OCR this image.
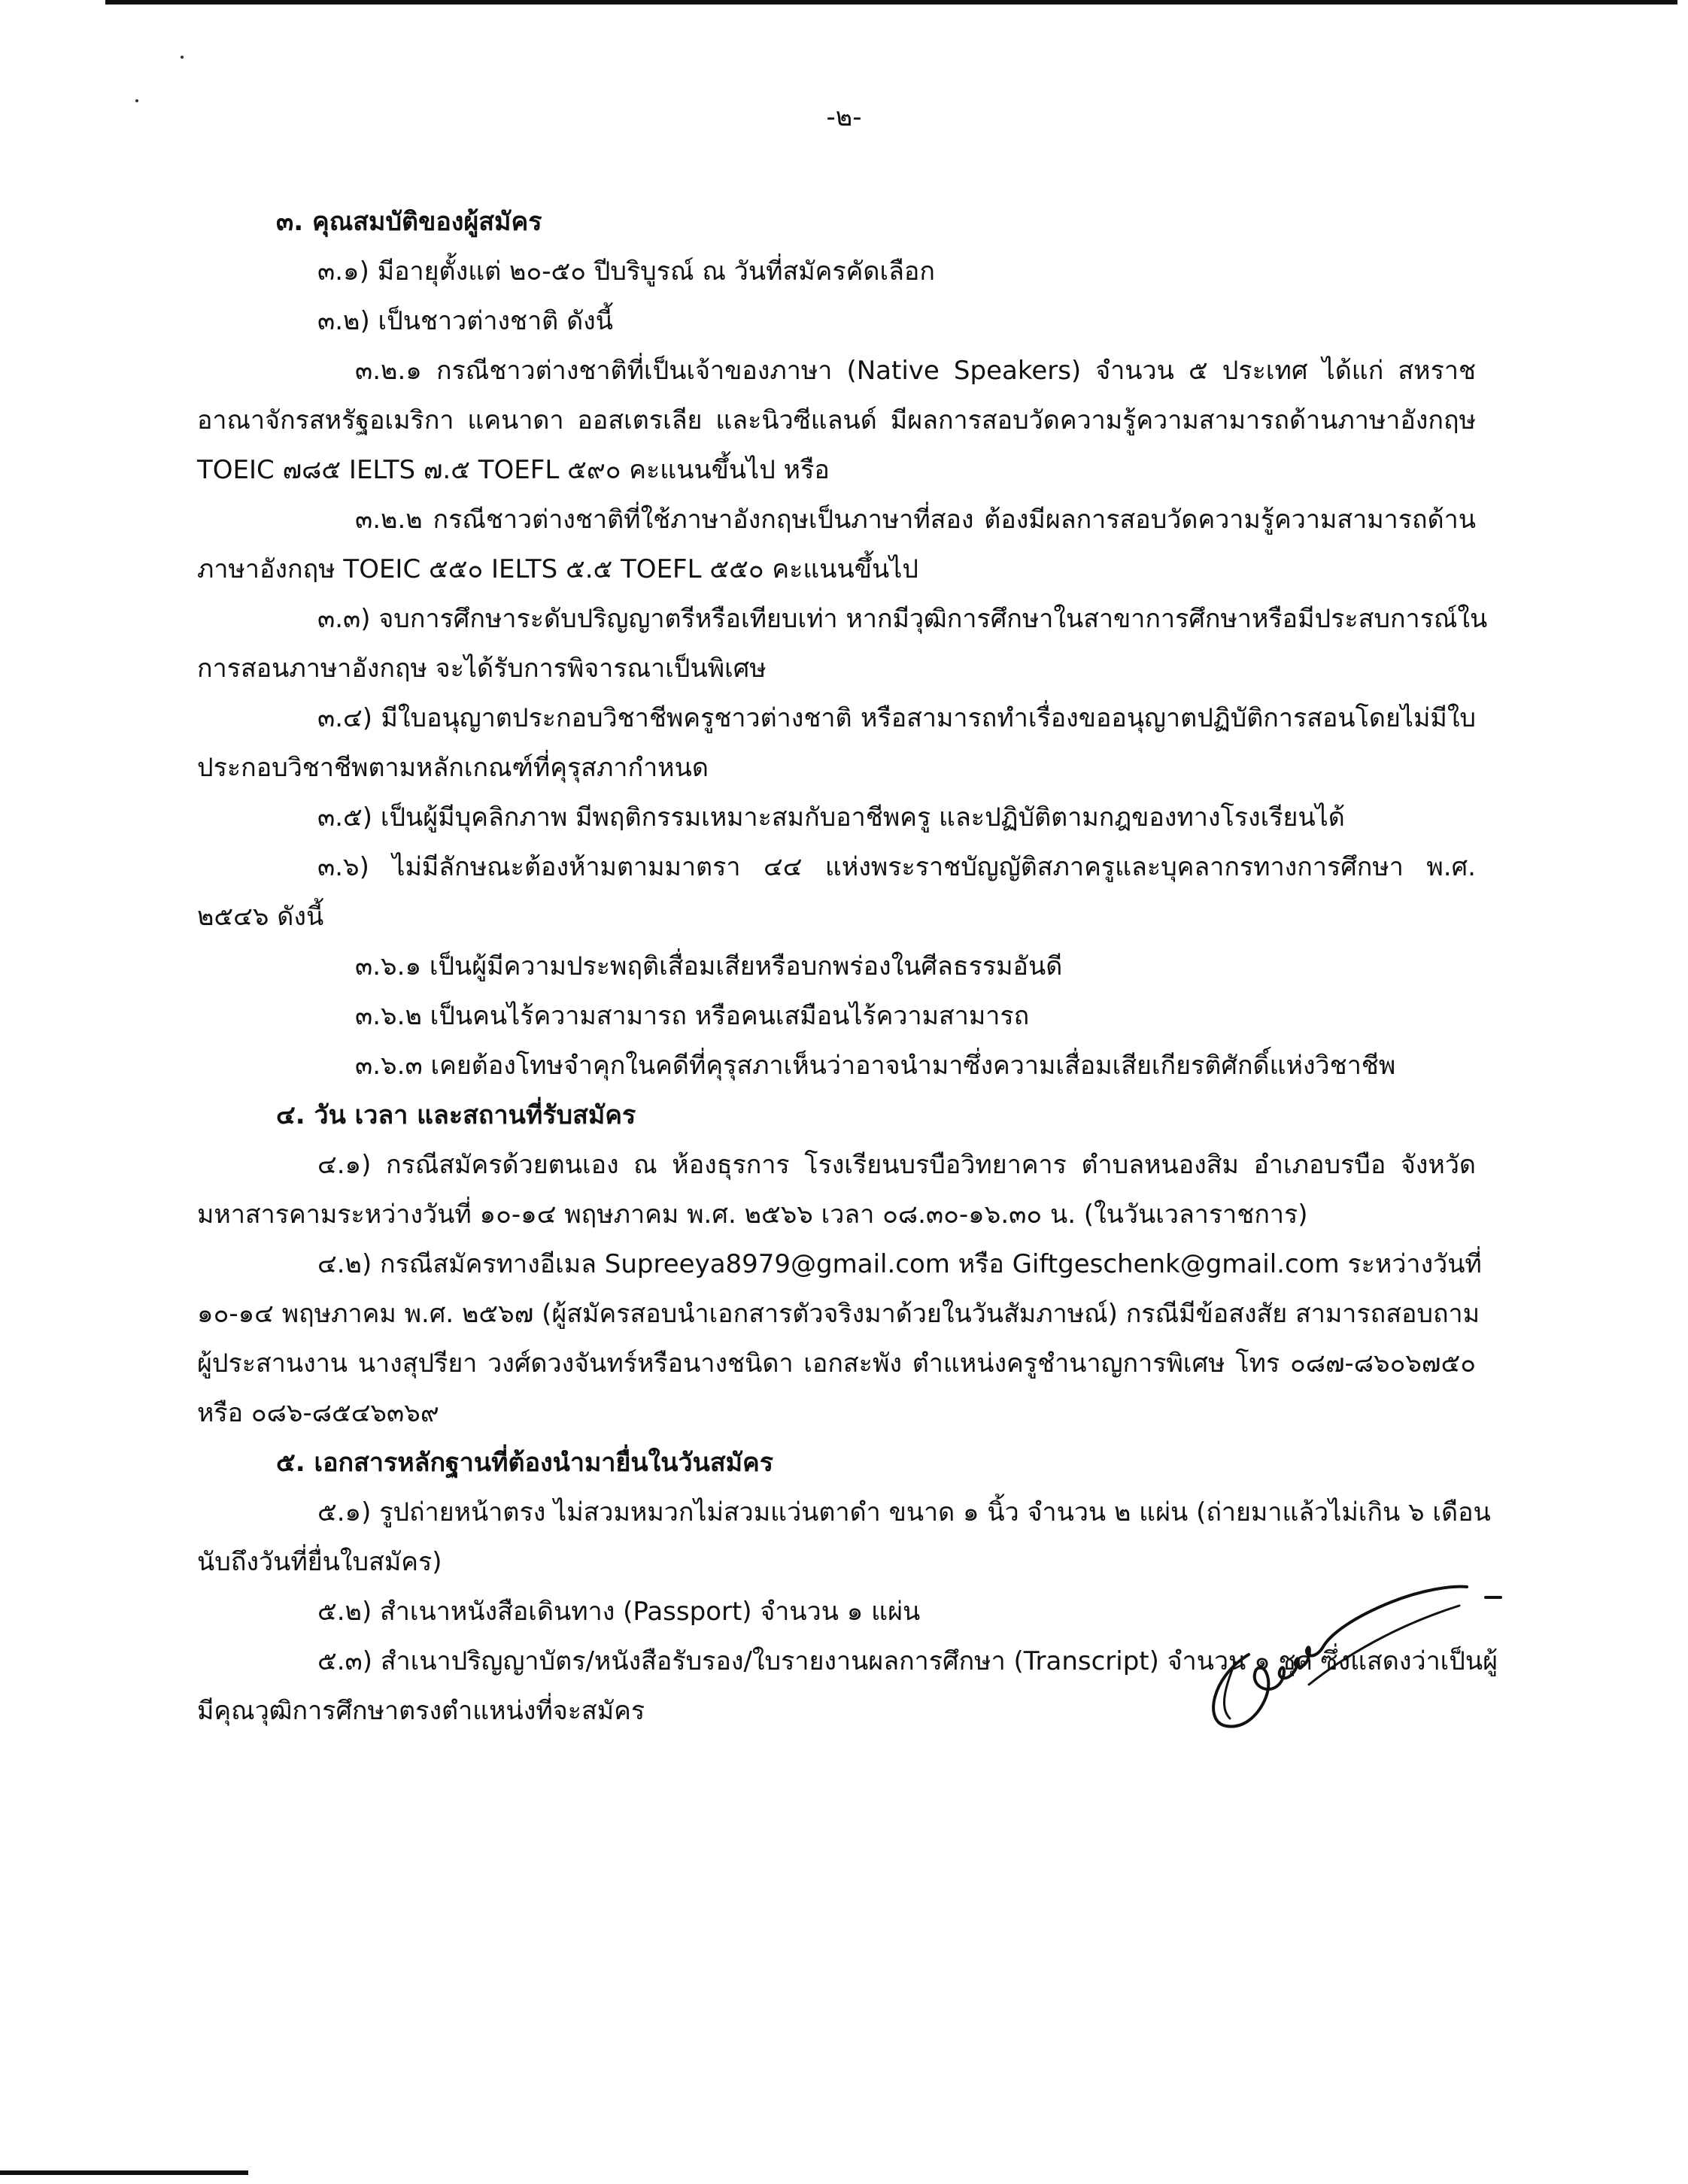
-๒-
๓. คุณสมบัติของผู้สมัคร
๓.๑) มีอายุตั้งแต่ ๒๐-๕๐ ปีบริบูรณ์ ณ วันที่สมัครคัดเลือก
๓.๒) เป็นชาวต่างชาติ ดังนี้
๓.๒.๑ กรณีชาวต่างชาติที่เป็นเจ้าของภาษา (Native Speakers) จำนวน ๕ ประเทศ ได้แก่ สหราช
อาณาจักรสหรัฐอเมริกา แคนาดา ออสเตรเลีย และนิวซีแลนด์ มีผลการสอบวัดความรู้ความสามารถด้านภาษาอังกฤษ
TOEIC ๗๘๕ IELTS ๗.๕ TOEFL ๕๙๐ คะแนนขึ้นไป หรือ
๓.๒.๒ กรณีชาวต่างชาติที่ใช้ภาษาอังกฤษเป็นภาษาที่สอง ต้องมีผลการสอบวัดความรู้ความสามารถด้าน
ภาษาอังกฤษ TOEIC ๕๕๐ IELTS ๕.๕ TOEFL ๕๕๐ คะแนนขึ้นไป
๓.๓) จบการศึกษาระดับปริญญาตรีหรือเทียบเท่า หากมีวุฒิการศึกษาในสาขาการศึกษาหรือมีประสบการณ์ใน
การสอนภาษาอังกฤษ จะได้รับการพิจารณาเป็นพิเศษ
๓.๔) มีใบอนุญาตประกอบวิชาชีพครูชาวต่างชาติ หรือสามารถทำเรื่องขออนุญาตปฏิบัติการสอนโดยไม่มีใบ
ประกอบวิชาชีพตามหลักเกณฑ์ที่คุรุสภากำหนด
๓.๕) เป็นผู้มีบุคลิกภาพ มีพฤติกรรมเหมาะสมกับอาชีพครู และปฏิบัติตามกฎของทางโรงเรียนได้
๓.๖) ไม่มีลักษณะต้องห้ามตามมาตรา ๔๔ แห่งพระราชบัญญัติสภาครูและบุคลากรทางการศึกษา พ.ศ.
๒๕๔๖ ดังนี้
๓.๖.๑ เป็นผู้มีความประพฤติเสื่อมเสียหรือบกพร่องในศีลธรรมอันดี
๓.๖.๒ เป็นคนไร้ความสามารถ หรือคนเสมือนไร้ความสามารถ
๓.๖.๓ เคยต้องโทษจำคุกในคดีที่คุรุสภาเห็นว่าอาจนำมาซึ่งความเสื่อมเสียเกียรติศักดิ์แห่งวิชาชีพ
๔. วัน เวลา และสถานที่รับสมัคร
๔.๑) กรณีสมัครด้วยตนเอง ณ ห้องธุรการ โรงเรียนบรบือวิทยาคาร ตำบลหนองสิม อำเภอบรบือ จังหวัด
มหาสารคามระหว่างวันที่ ๑๐-๑๔ พฤษภาคม พ.ศ. ๒๕๖๖ เวลา ๐๘.๓๐-๑๖.๓๐ น. (ในวันเวลาราชการ)
๔.๒) กรณีสมัครทางอีเมล Supreeya8979@gmail.com หรือ Giftgeschenk@gmail.com ระหว่างวันที่
๑๐-๑๔ พฤษภาคม พ.ศ. ๒๕๖๗ (ผู้สมัครสอบนำเอกสารตัวจริงมาด้วยในวันสัมภาษณ์) กรณีมีข้อสงสัย สามารถสอบถาม
ผู้ประสานงาน นางสุปรียา วงศ์ดวงจันทร์หรือนางชนิดา เอกสะพัง ตำแหน่งครูชำนาญการพิเศษ โทร ๐๘๗-๘๖๐๖๗๕๐
หรือ ๐๘๖-๘๕๔๖๓๖๙
๕. เอกสารหลักฐานที่ต้องนำมายื่นในวันสมัคร
๕.๑) รูปถ่ายหน้าตรง ไม่สวมหมวกไม่สวมแว่นตาดำ ขนาด ๑ นิ้ว จำนวน ๒ แผ่น (ถ่ายมาแล้วไม่เกิน ๖ เดือน
นับถึงวันที่ยื่นใบสมัคร)
๕.๒) สำเนาหนังสือเดินทาง (Passport) จำนวน ๑ แผ่น
๕.๓) สำเนาปริญญาบัตร/หนังสือรับรอง/ใบรายงานผลการศึกษา (Transcript) จำนวน ๑ ชุด ซึ่งแสดงว่าเป็นผู้
มีคุณวุฒิการศึกษาตรงตำแหน่งที่จะสมัคร
